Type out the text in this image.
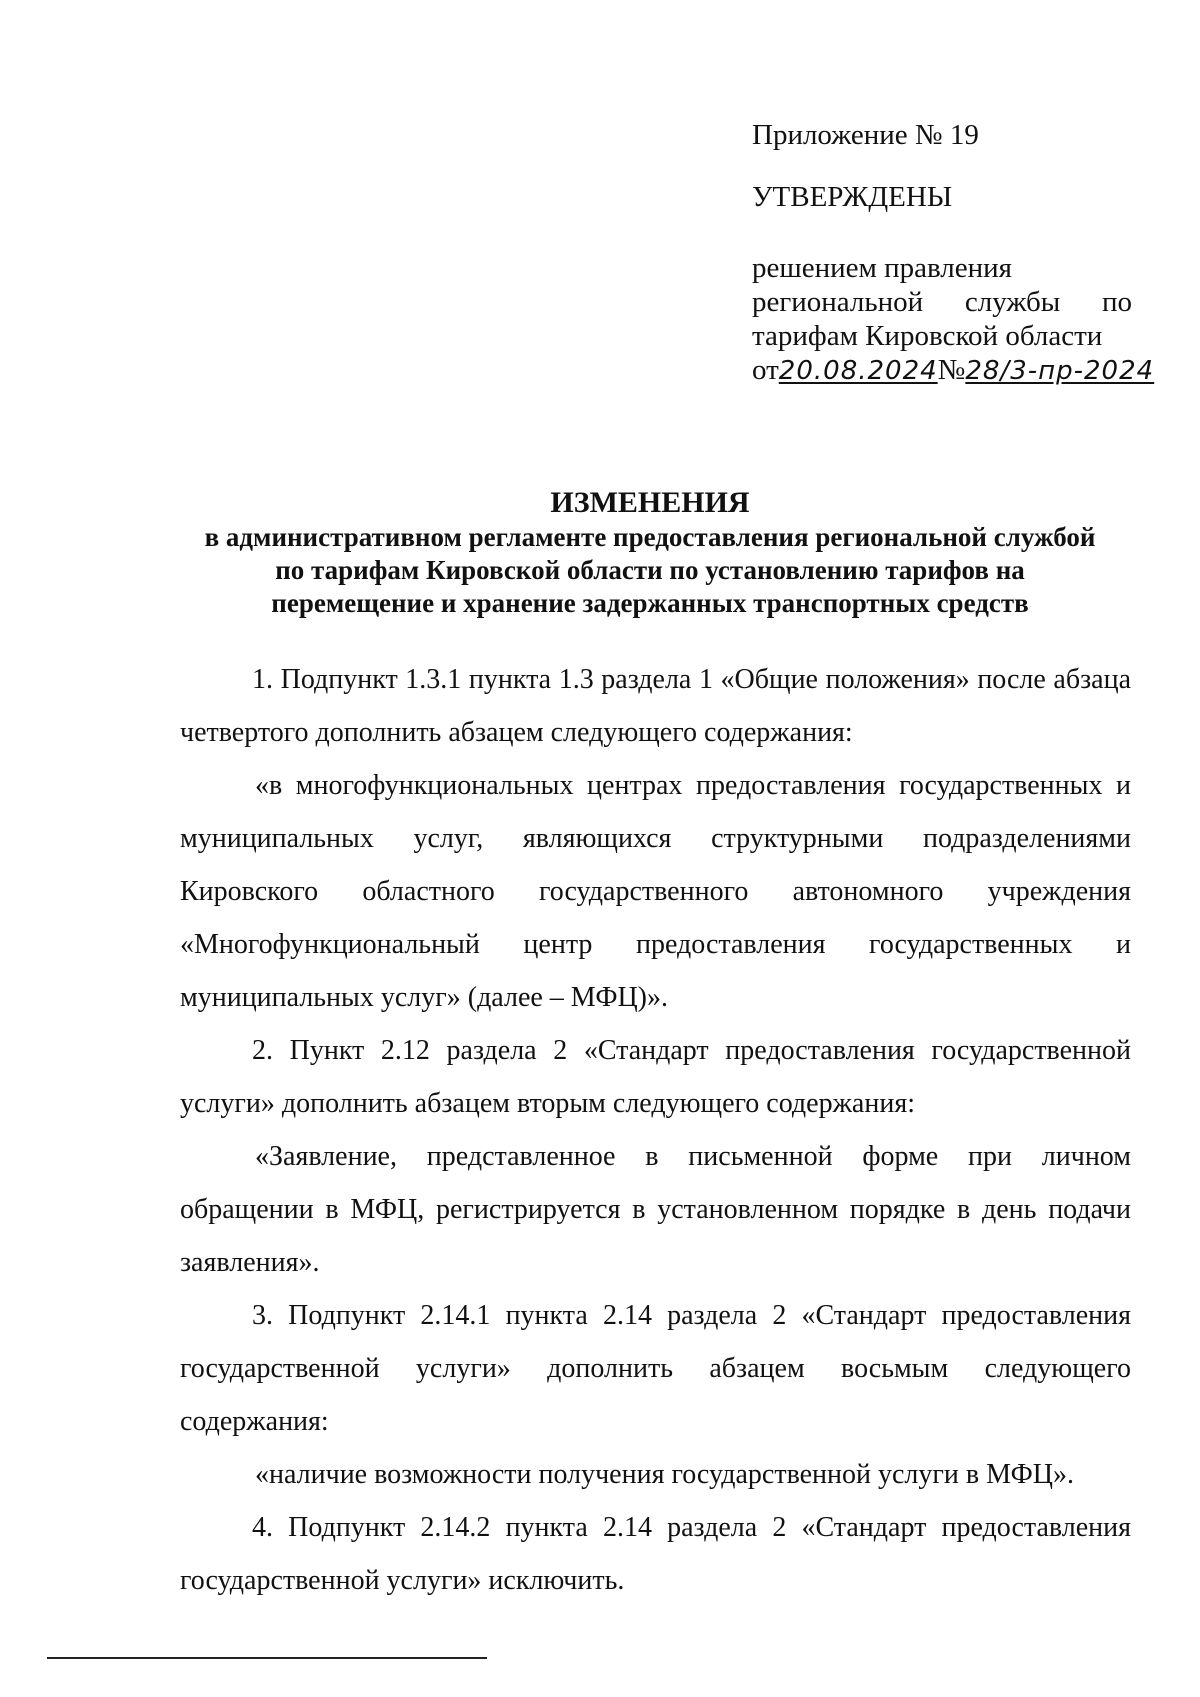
Приложение № 19
УТВЕРЖДЕНЫ
решением правления
региональной службы по
тарифам Кировской области
от20.08.2024№28/3-пр-2024
ИЗМЕНЕНИЯ
в административном регламенте предоставления региональной службой
по тарифам Кировской области по установлению тарифов на
перемещение и хранение задержанных транспортных средств

1. Подпункт 1.3.1 пункта 1.3 раздела 1 «Общие положения» после абзаца четвертого дополнить абзацем следующего содержания:

«в многофункциональных центрах предоставления государственных и муниципальных услуг, являющихся структурными подразделениями Кировского областного государственного автономного учреждения «Многофункциональный центр предоставления государственных и муниципальных услуг» (далее – МФЦ)».

2. Пункт 2.12 раздела 2 «Стандарт предоставления государственной услуги» дополнить абзацем вторым следующего содержания:

«Заявление, представленное в письменной форме при личном обращении в МФЦ, регистрируется в установленном порядке в день подачи заявления».

3. Подпункт 2.14.1 пункта 2.14 раздела 2 «Стандарт предоставления государственной услуги» дополнить абзацем восьмым следующего содержания:

«наличие возможности получения государственной услуги в МФЦ».

4. Подпункт 2.14.2 пункта 2.14 раздела 2 «Стандарт предоставления государственной услуги» исключить.
